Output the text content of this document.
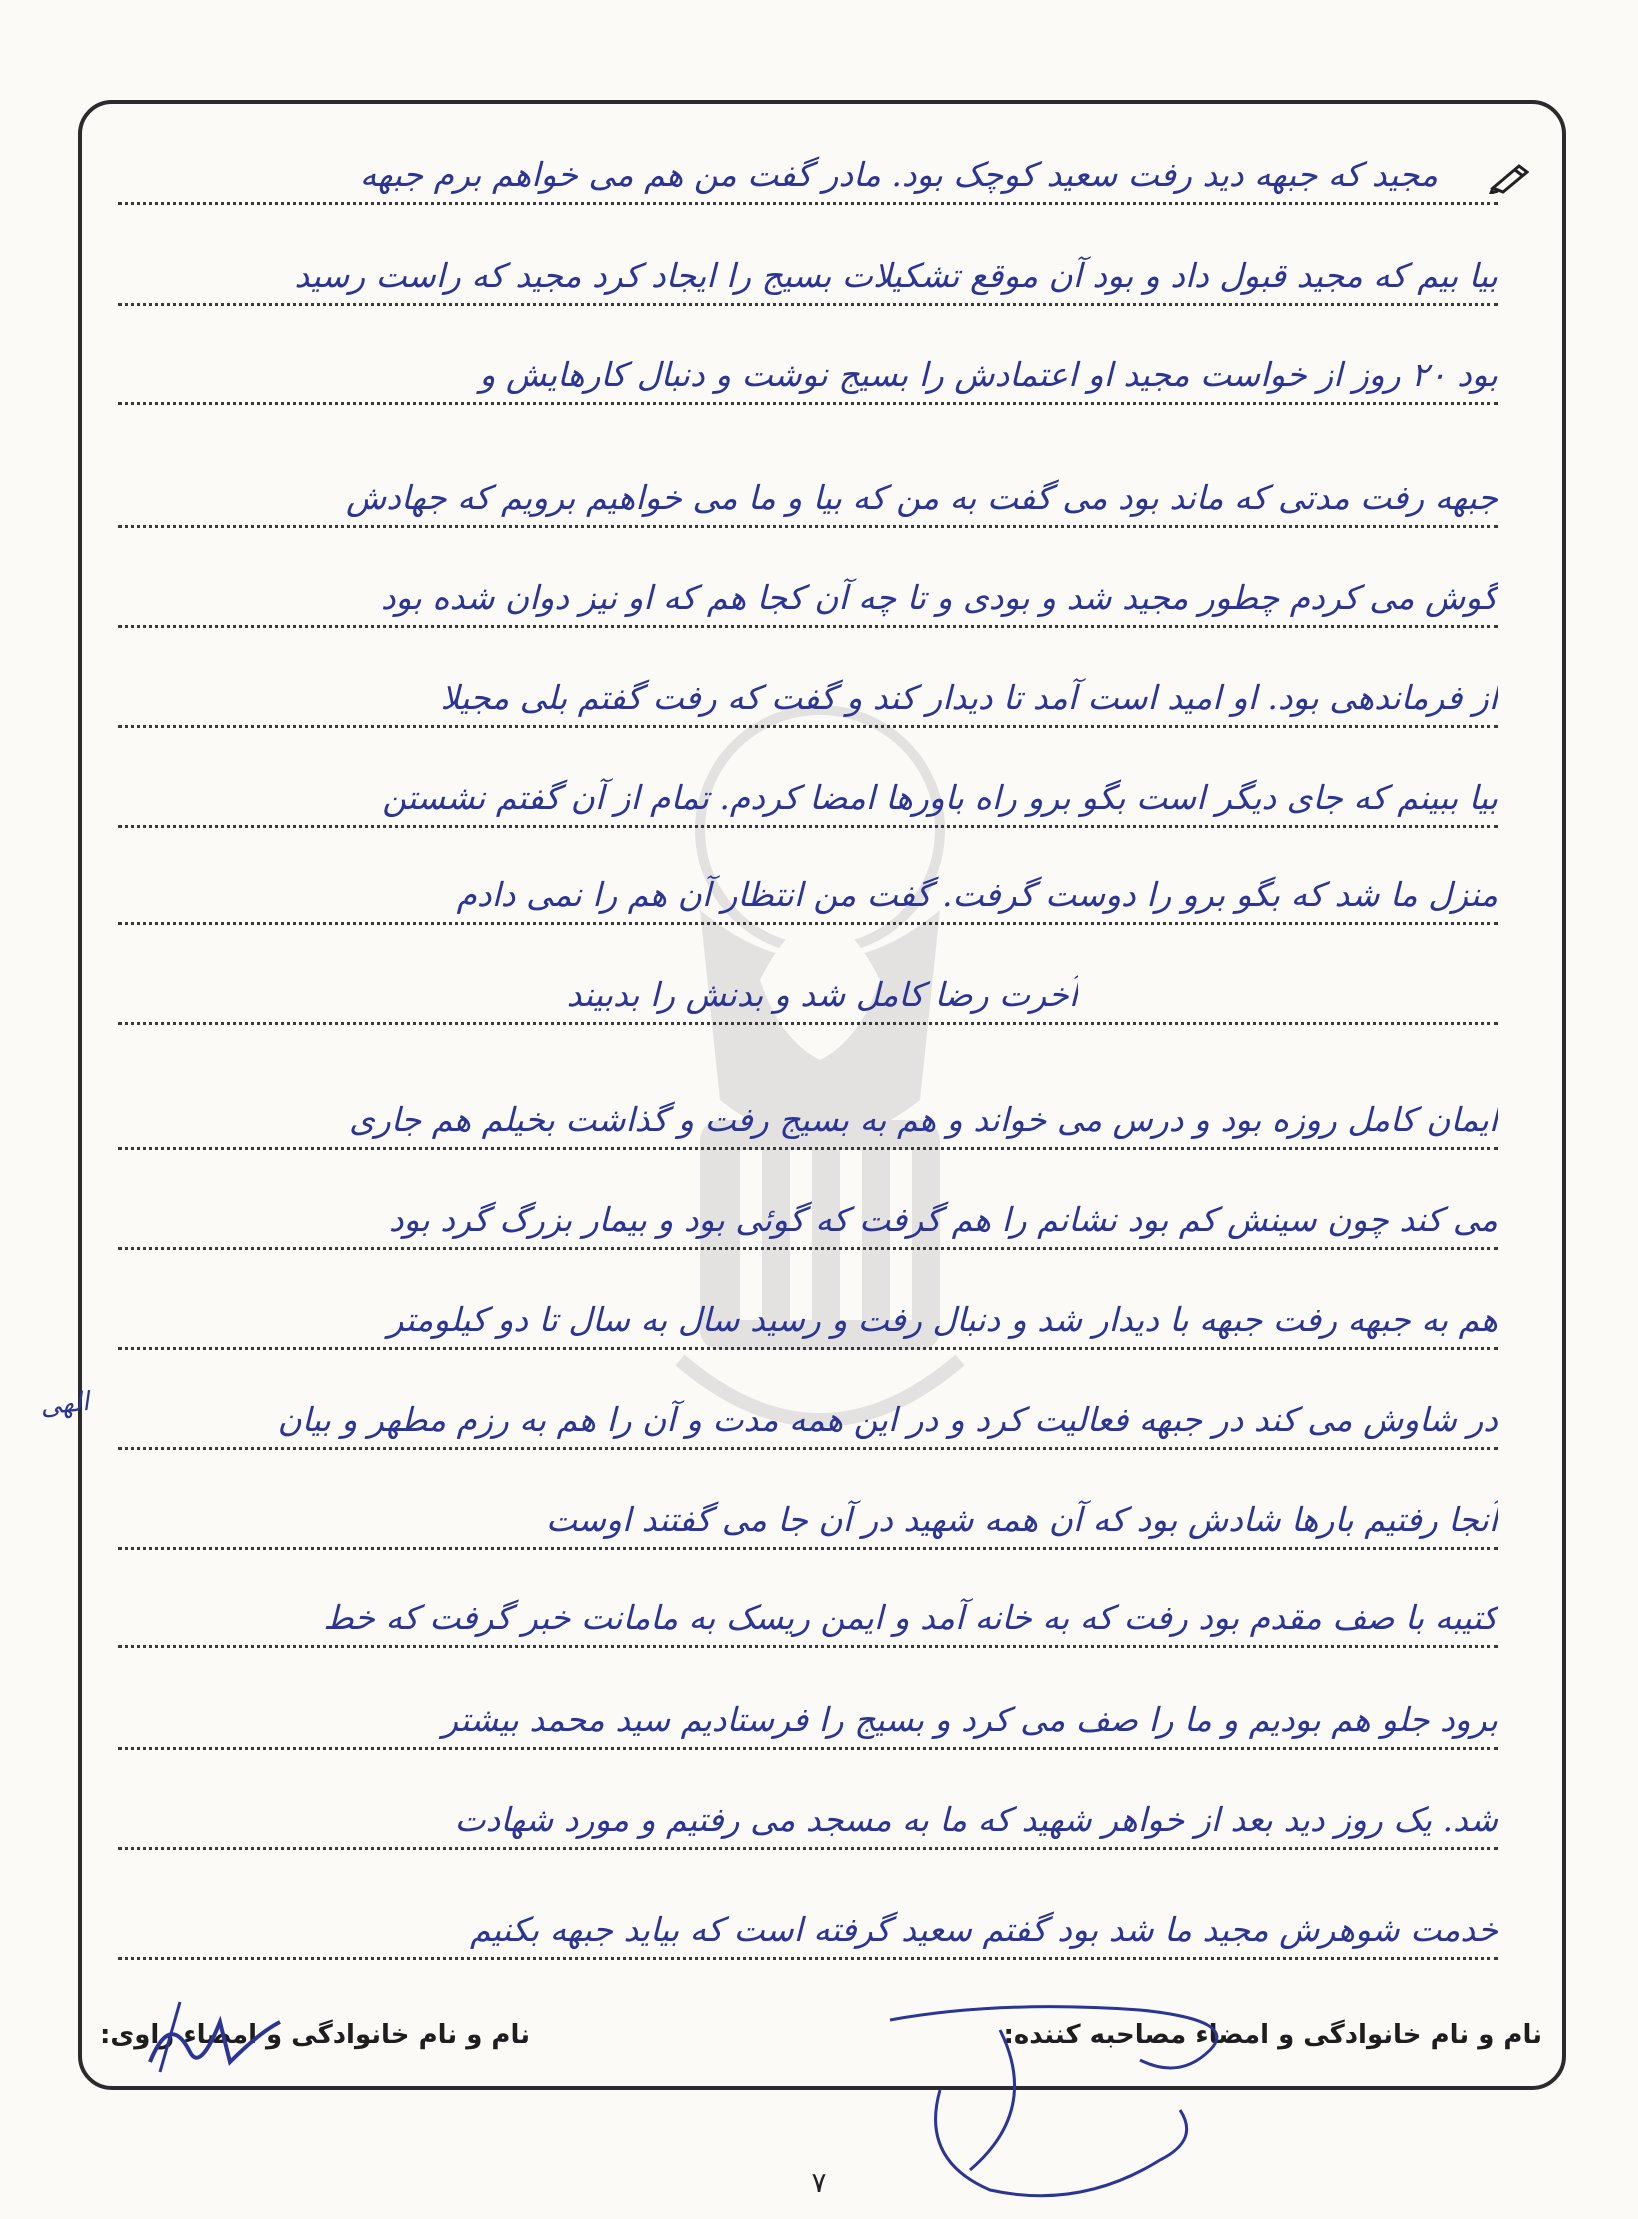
مجید که جبهه دید رفت سعید کوچک بود. مادر گفت من هم می خواهم برم جبهه
بیا بیم که مجید قبول داد و بود آن موقع تشکیلات بسیج را ایجاد کرد مجید که راست رسید
بود ۲۰ روز از خواست مجید او اعتمادش را بسیج نوشت و دنبال کارهایش و
جبهه رفت مدتی که ماند بود می گفت به من که بیا و ما می خواهیم برویم که جهادش
گوش می کردم چطور مجید شد و بودی و تا چه آن کجا هم که او نیز دوان شده بود
از فرماندهی بود. او امید است آمد تا دیدار کند و گفت که رفت گفتم بلی مجیلا
بیا ببینم که جای دیگر است بگو برو راه باورها امضا کردم. تمام از آن گفتم نشستن
منزل ما شد که بگو برو را دوست گرفت. گفت من انتظار آن هم را نمی دادم
آخرت رضا کامل شد و بدنش را بدبیند
ایمان کامل روزه بود و درس می خواند و هم به بسیج رفت و گذاشت بخیلم هم جاری
می کند چون سینش کم بود نشانم را هم گرفت که گوئی بود و بیمار بزرگ گرد بود
هم به جبهه رفت جبهه با دیدار شد و دنبال رفت و رسید سال به سال تا دو کیلومتر
در شاوش می کند در جبهه فعالیت کرد و در این همه مدت و آن را هم به رزم مطهر و بیان
آنجا رفتیم بارها شادش بود که آن همه شهید در آن جا می گفتند اوست
کتیبه با صف مقدم بود رفت که به خانه آمد و ایمن ریسک به مامانت خبر گرفت که خط
برود جلو هم بودیم و ما را صف می کرد و بسیج را فرستادیم سید محمد بیشتر
شد. یک روز دید بعد از خواهر شهید که ما به مسجد می رفتیم و مورد شهادت
خدمت شوهرش مجید ما شد بود گفتم سعید گرفته است که بیاید جبهه بکنیم
الهی
نام و نام خانوادگی و امضاء مصاحبه کننده:
نام و نام خانوادگی و امضاء راوی:
۷
